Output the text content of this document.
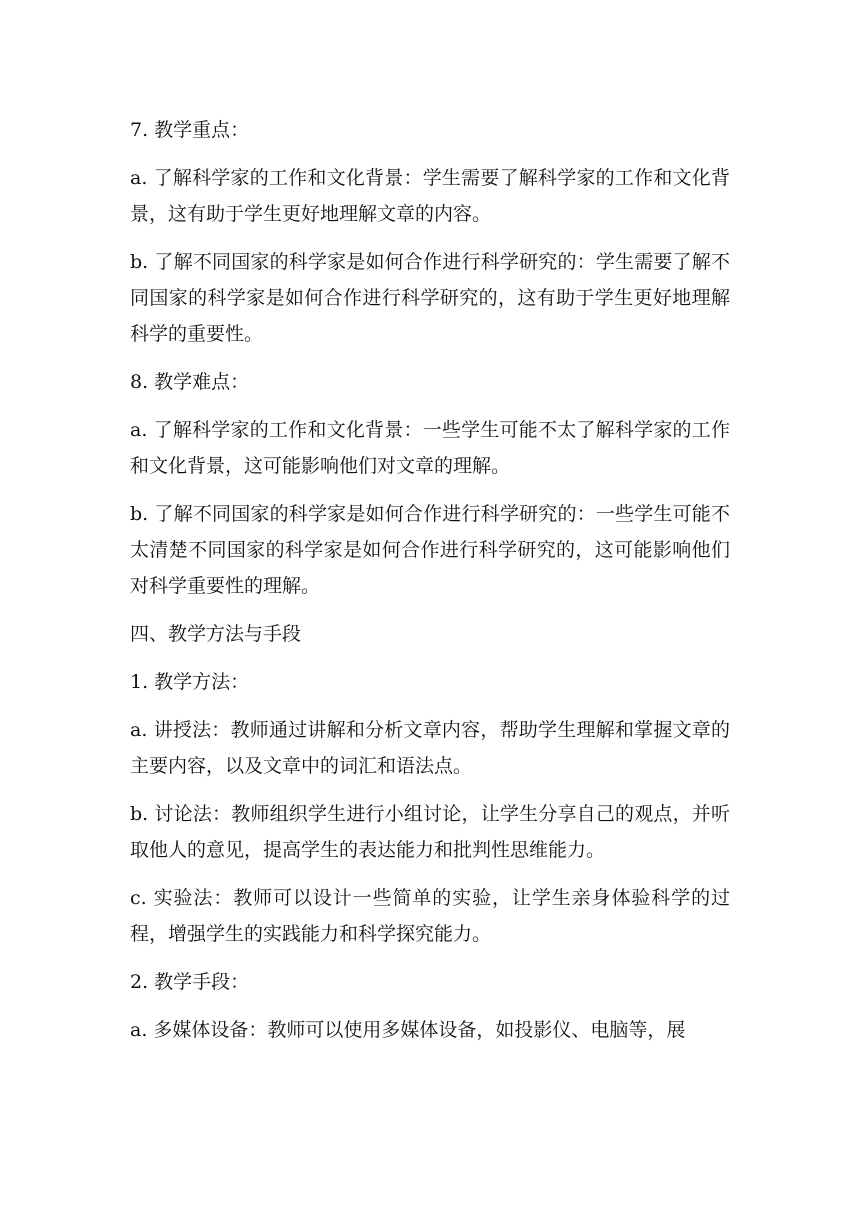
7. 教学重点：

a. 了解科学家的工作和文化背景：学生需要了解科学家的工作和文化背景，这有助于学生更好地理解文章的内容。

b. 了解不同国家的科学家是如何合作进行科学研究的：学生需要了解不同国家的科学家是如何合作进行科学研究的，这有助于学生更好地理解科学的重要性。

8. 教学难点：

a. 了解科学家的工作和文化背景：一些学生可能不太了解科学家的工作和文化背景，这可能影响他们对文章的理解。

b. 了解不同国家的科学家是如何合作进行科学研究的：一些学生可能不太清楚不同国家的科学家是如何合作进行科学研究的，这可能影响他们对科学重要性的理解。

四、教学方法与手段

1. 教学方法：

a. 讲授法：教师通过讲解和分析文章内容，帮助学生理解和掌握文章的主要内容，以及文章中的词汇和语法点。

b. 讨论法：教师组织学生进行小组讨论，让学生分享自己的观点，并听取他人的意见，提高学生的表达能力和批判性思维能力。

c. 实验法：教师可以设计一些简单的实验，让学生亲身体验科学的过程，增强学生的实践能力和科学探究能力。

2. 教学手段：

a. 多媒体设备：教师可以使用多媒体设备，如投影仪、电脑等，展
